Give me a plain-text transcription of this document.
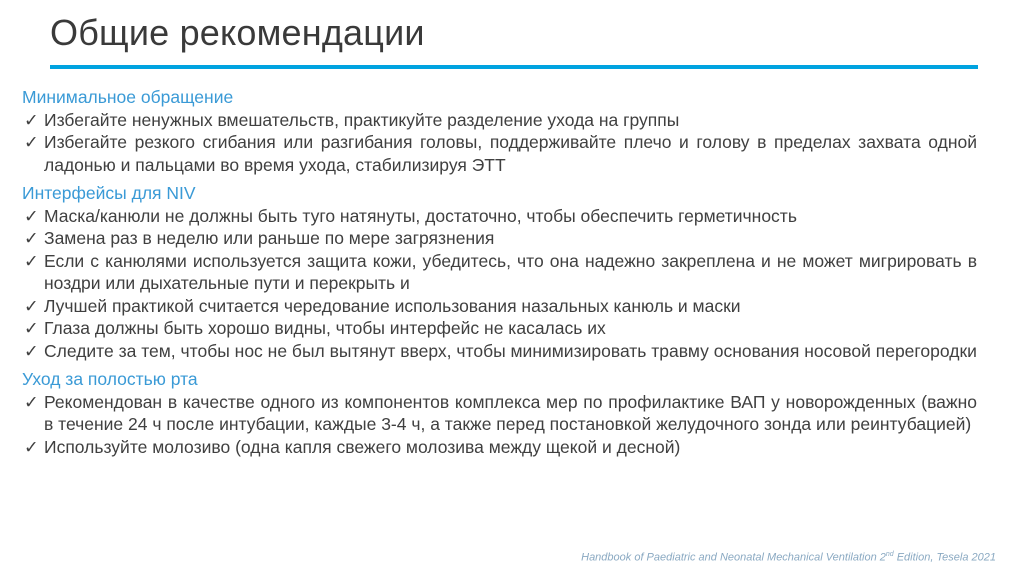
Общие рекомендации
Минимальное обращение
✓ Избегайте ненужных вмешательств, практикуйте разделение ухода на группы
✓ Избегайте резкого сгибания или разгибания головы, поддерживайте плечо и голову в пределах захвата одной ладонью и пальцами во время ухода, стабилизируя ЭТТ
Интерфейсы для NIV
✓ Маска/канюли не должны быть туго натянуты, достаточно, чтобы обеспечить герметичность
✓ Замена раз в неделю или раньше по мере загрязнения
✓ Если с канюлями используется защита кожи, убедитесь, что она надежно закреплена и не может мигрировать в ноздри или дыхательные пути и перекрыть и
✓ Лучшей практикой считается чередование использования назальных канюль и маски
✓ Глаза должны быть хорошо видны, чтобы интерфейс не касалась их
✓ Следите за тем, чтобы нос не был вытянут вверх, чтобы минимизировать травму основания носовой перегородки
Уход за полостью рта
✓ Рекомендован в качестве одного из компонентов комплекса мер по профилактике ВАП у новорожденных (важно в течение 24 ч после интубации, каждые 3-4 ч, а также перед постановкой желудочного зонда или реинтубацией)
✓ Используйте молозиво (одна капля свежего молозива между щекой и десной)
Handbook of Paediatric and Neonatal Mechanical Ventilation 2nd Edition, Tesela 2021
